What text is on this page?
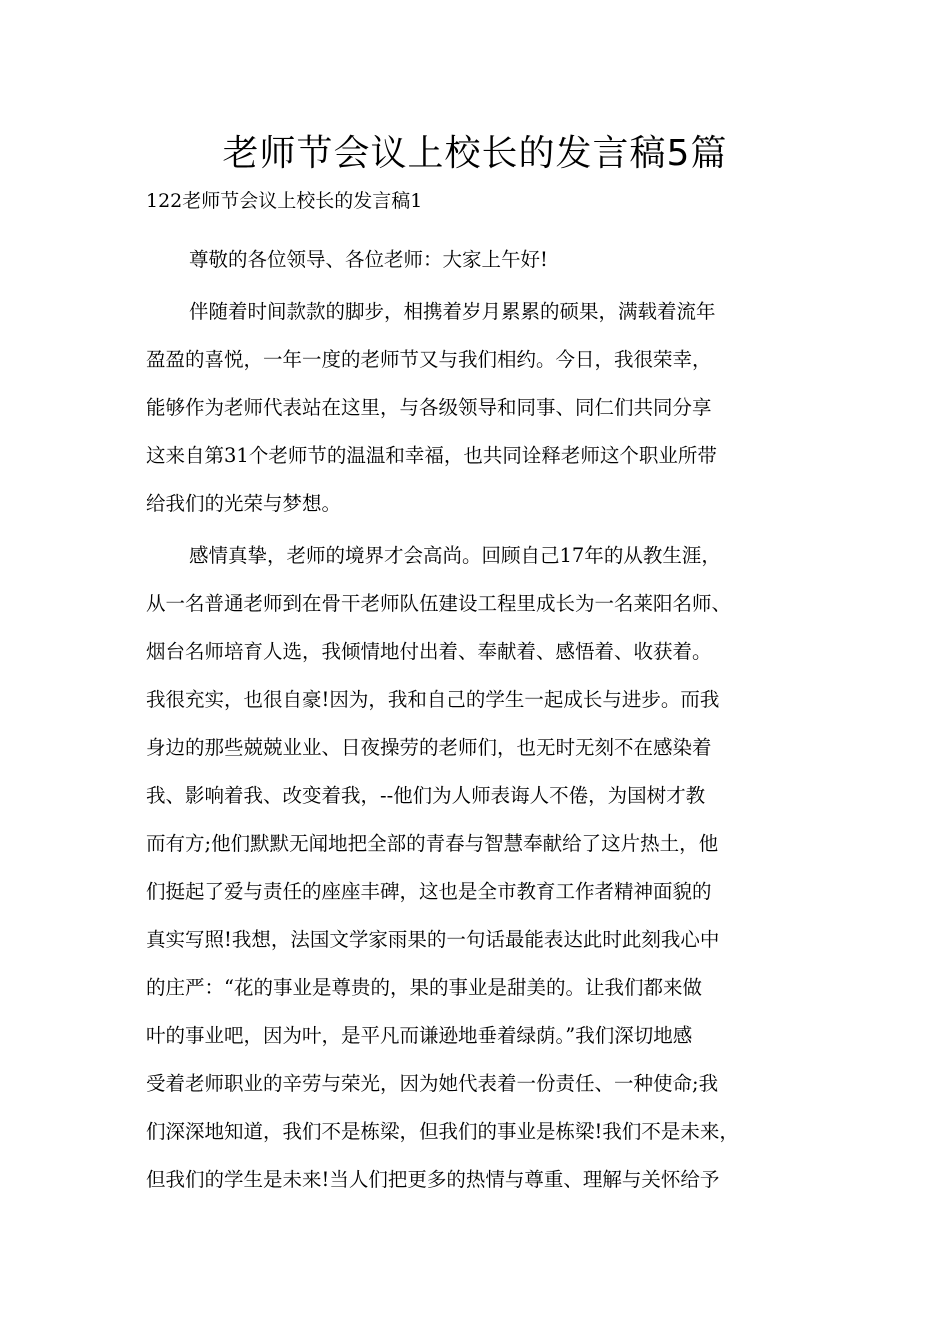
老师节会议上校长的发言稿5篇
122老师节会议上校长的发言稿1

尊敬的各位领导、各位老师：大家上午好!

伴随着时间款款的脚步，相携着岁月累累的硕果，满载着流年
盈盈的喜悦，一年一度的老师节又与我们相约。今日，我很荣幸，
能够作为老师代表站在这里，与各级领导和同事、同仁们共同分享
这来自第31个老师节的温温和幸福，也共同诠释老师这个职业所带
给我们的光荣与梦想。

感情真挚，老师的境界才会高尚。回顾自己17年的从教生涯，
从一名普通老师到在骨干老师队伍建设工程里成长为一名莱阳名师、
烟台名师培育人选，我倾情地付出着、奉献着、感悟着、收获着。
我很充实，也很自豪!因为，我和自己的学生一起成长与进步。而我
身边的那些兢兢业业、日夜操劳的老师们，也无时无刻不在感染着
我、影响着我、改变着我，--他们为人师表诲人不倦，为国树才教
而有方;他们默默无闻地把全部的青春与智慧奉献给了这片热土，他
们挺起了爱与责任的座座丰碑，这也是全市教育工作者精神面貌的
真实写照!我想，法国文学家雨果的一句话最能表达此时此刻我心中
的庄严：“花的事业是尊贵的，果的事业是甜美的。让我们都来做
叶的事业吧，因为叶，是平凡而谦逊地垂着绿荫。”我们深切地感
受着老师职业的辛劳与荣光，因为她代表着一份责任、一种使命;我
们深深地知道，我们不是栋梁，但我们的事业是栋梁!我们不是未来，
但我们的学生是未来!当人们把更多的热情与尊重、理解与关怀给予
